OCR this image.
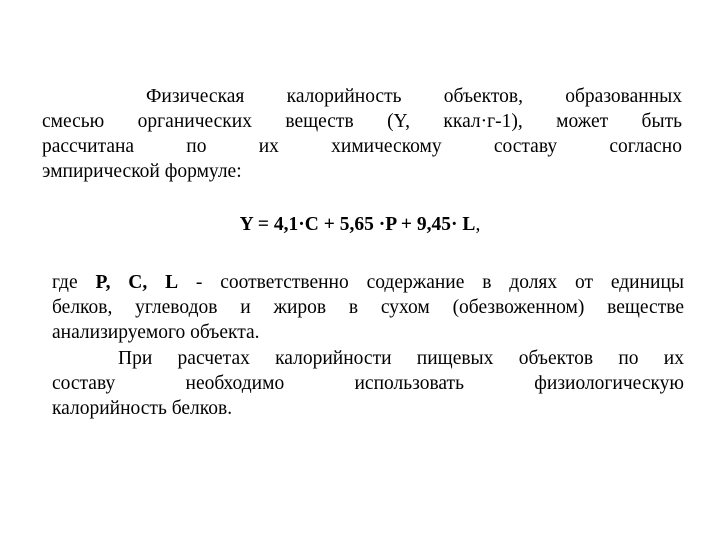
Физическая калорийность объектов, образованных
смесью органических веществ (Y, ккал·г-1), может быть
рассчитана по их химическому составу согласно
эмпирической формуле:
Y = 4,1·C + 5,65 ·P + 9,45· L,
где P, C, L - соответственно содержание в долях от единицы
белков, углеводов и жиров в сухом (обезвоженном) веществе
анализируемого объекта.
При расчетах калорийности пищевых объектов по их
составу необходимо использовать физиологическую
калорийность белков.
